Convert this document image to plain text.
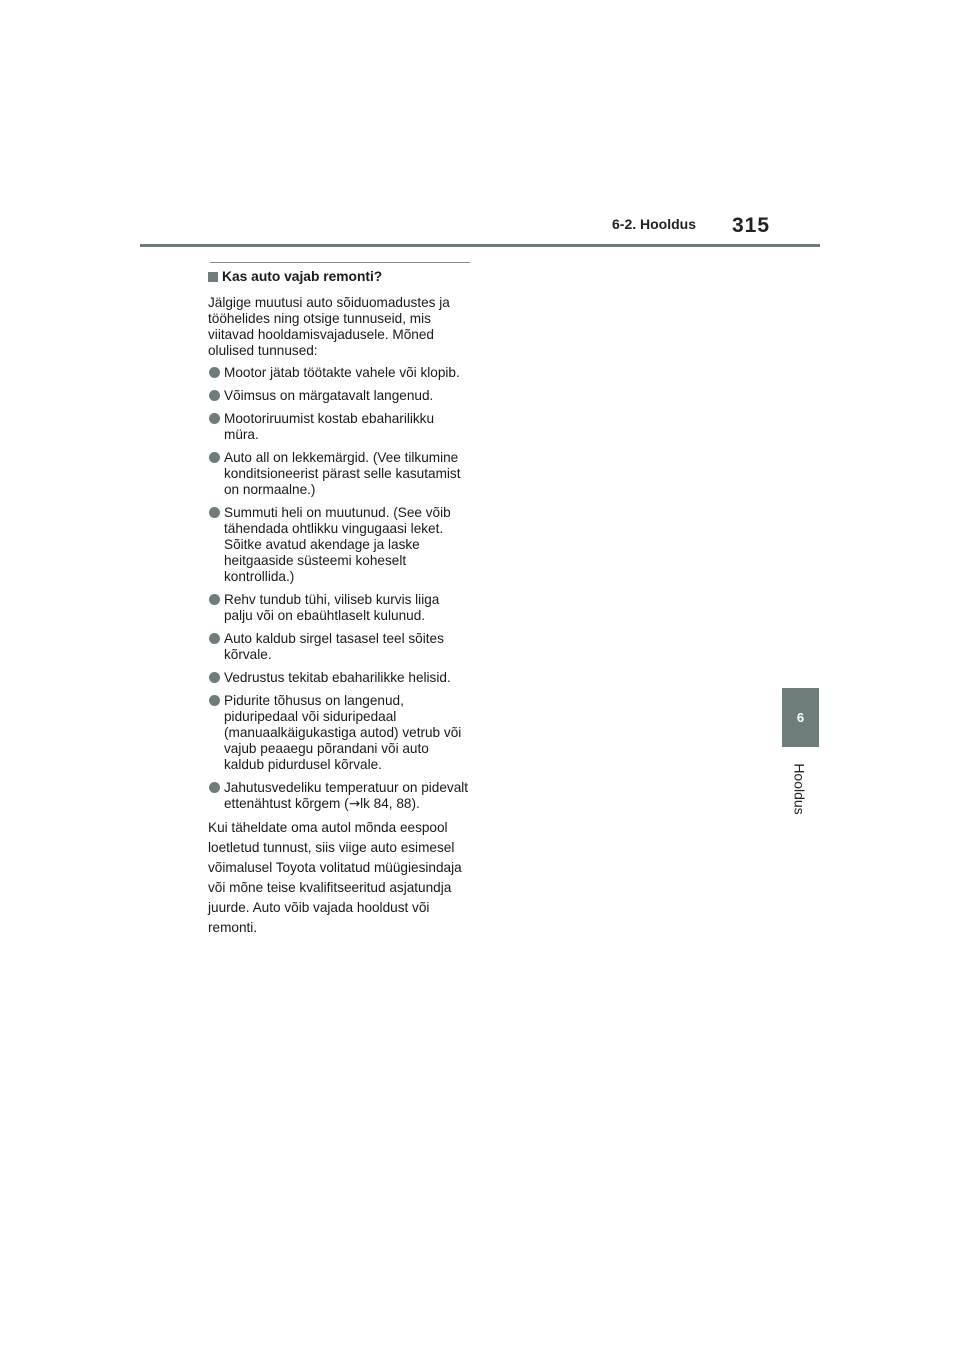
6-2. Hooldus 315
6
Hooldus
Kas auto vajab remonti?
Jälgige muutusi auto sõiduomadustes ja tööhelides ning otsige tunnuseid, mis viitavad hooldamisvajadusele. Mõned olulised tunnused:
Mootor jätab töötakte vahele või klopib.
Võimsus on märgatavalt langenud.
Mootoriruumist kostab ebaharilikku müra.
Auto all on lekkemärgid. (Vee tilkumine konditsioneerist pärast selle kasutamist on normaalne.)
Summuti heli on muutunud. (See võib tähendada ohtlikku vingugaasi leket. Sõitke avatud akendage ja laske heitgaaside süsteemi koheselt kontrollida.)
Rehv tundub tühi, viliseb kurvis liiga palju või on ebaühtlaselt kulunud.
Auto kaldub sirgel tasasel teel sõites kõrvale.
Vedrustus tekitab ebaharilikke helisid.
Pidurite tõhusus on langenud, piduripedaal või siduripedaal (manuaalkäigukastiga autod) vetrub või vajub peaaegu põrandani või auto kaldub pidurdusel kõrvale.
Jahutusvedeliku temperatuur on pidevalt ettenähtust kõrgem (→lk 84, 88).
Kui täheldate oma autol mõnda eespool loetletud tunnust, siis viige auto esimesel võimalusel Toyota volitatud müügiesindaja või mõne teise kvalifitseeritud asjatundja juurde. Auto võib vajada hooldust või remonti.
